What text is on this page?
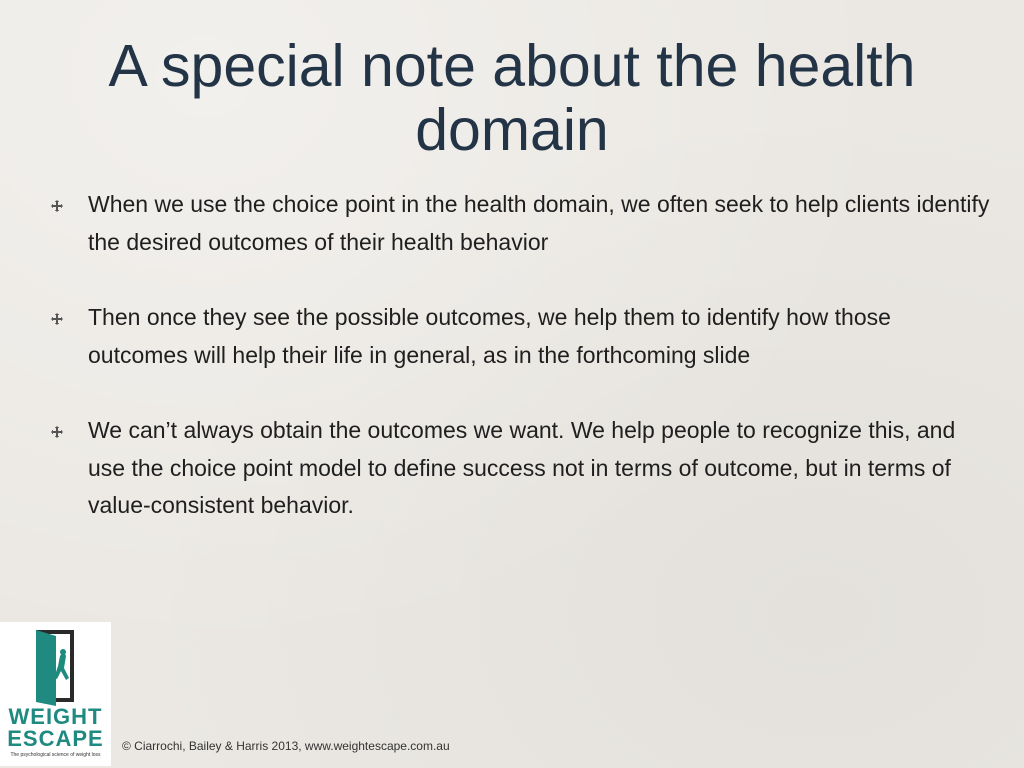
A special note about the health domain
When we use the choice point in the health domain, we often seek to help clients identify the desired outcomes of their health behavior
Then once they see the possible outcomes, we help them to identify how those outcomes will help their life in general, as in the forthcoming slide
We can’t always obtain the outcomes we want. We help people to recognize this, and use the choice point model to define success not in terms of outcome, but in terms of value-consistent behavior.
WEIGHT
ESCAPE
The psychological science of weight loss
© Ciarrochi, Bailey & Harris 2013, www.weightescape.com.au
